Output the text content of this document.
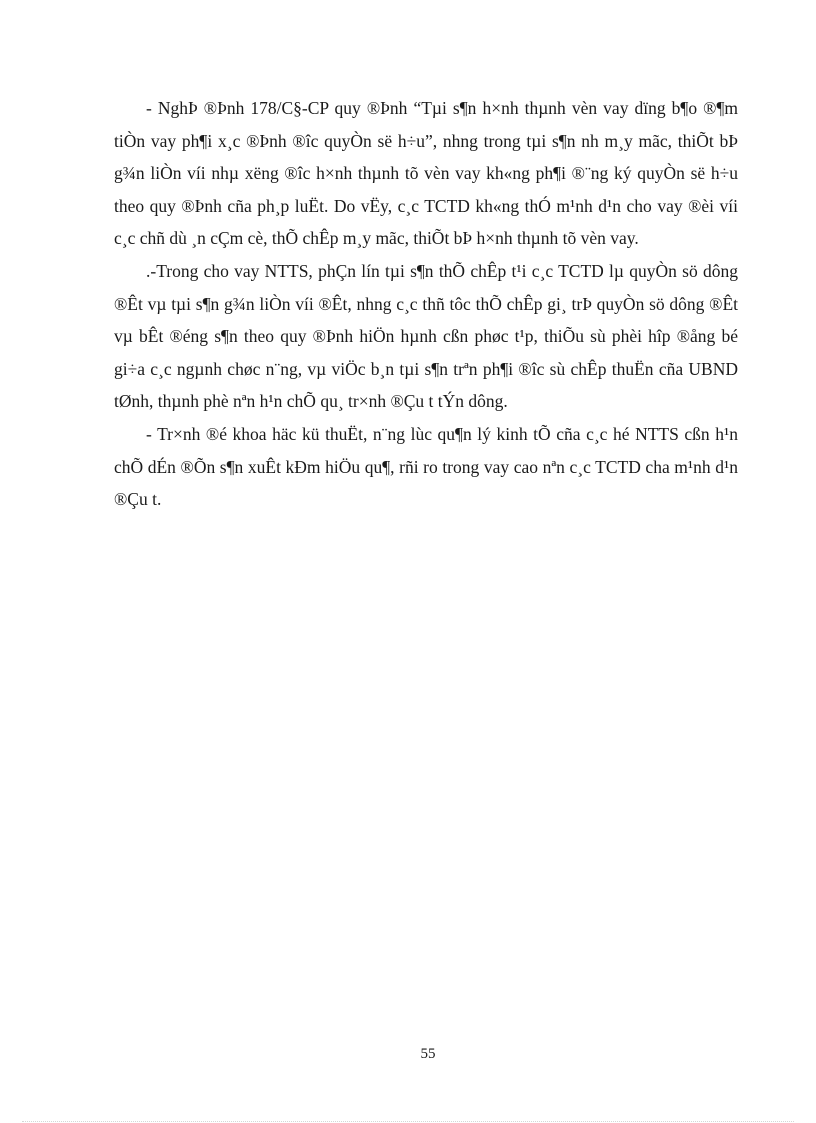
- NghÞ ®Þnh 178/C§-CP quy ®Þnh “Tµi s¶n h×nh thµnh vèn vay dïng b¶o ®¶m tiÒn vay ph¶i x¸c ®Þnh ®îc quyÒn së h÷u”, nhng trong tµi s¶n nh m¸y mãc, thiÕt bÞ g¾n liÒn víi nhµ xëng ®îc h×nh thµnh tõ vèn vay kh«ng ph¶i ®¨ng ký quyÒn së h÷u theo quy ®Þnh cña ph¸p luËt. Do vËy, c¸c TCTD kh«ng thÓ m¹nh d¹n cho vay ®èi víi c¸c chñ dù ¸n cÇm cè, thÕ chÊp m¸y mãc, thiÕt bÞ h×nh thµnh tõ vèn vay.

.-Trong cho vay NTTS, phÇn lín tµi s¶n thÕ chÊp t¹i c¸c TCTD lµ quyÒn sö dông ®Êt vµ tµi s¶n g¾n liÒn víi ®Êt, nhng c¸c thñ tôc thÕ chÊp gi¸ trÞ quyÒn sö dông ®Êt vµ bÊt ®éng s¶n theo quy ®Þnh hiÖn hµnh cßn phøc t¹p, thiÕu sù phèi hîp ®ång bé gi÷a c¸c ngµnh chøc n¨ng, vµ viÖc b¸n tµi s¶n trªn ph¶i ®îc sù chÊp thuËn cña UBND tØnh, thµnh phè nªn h¹n chÕ qu¸ tr×nh ®Çu t tÝn dông.

- Tr×nh ®é khoa häc kü thuËt, n¨ng lùc qu¶n lý kinh tÕ cña c¸c hé NTTS cßn h¹n chÕ dÉn ®Õn s¶n xuÊt kÐm hiÖu qu¶, rñi ro trong vay cao nªn c¸c TCTD cha m¹nh d¹n ®Çu t.

55
